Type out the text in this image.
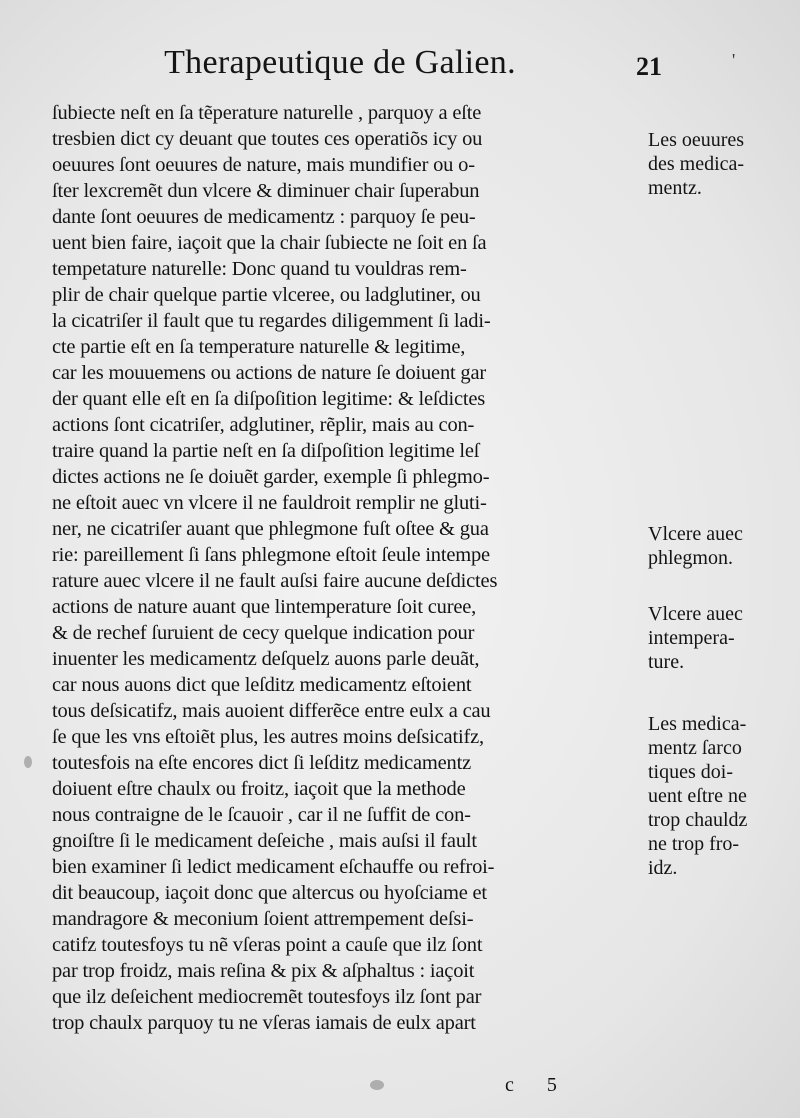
'
Therapeutique de Galien.	21
ſubiecte neſt en ſa tẽperature naturelle , parquoy a eſte
tresbien dict cy deuant que toutes ces operatiõs icy ou
oeuures ſont oeuures de nature, mais mundifier ou o-
ſter lexcremẽt dun vlcere & diminuer chair ſuperabun
dante ſont oeuures de medicamentz : parquoy ſe peu-
uent bien faire, iaçoit que la chair ſubiecte ne ſoit en ſa
tempetature naturelle: Donc quand tu vouldras rem-
plir de chair quelque partie vlceree, ou ladglutiner, ou
la cicatriſer il fault que tu regardes diligemment ſi ladi-
cte partie eſt en ſa temperature naturelle & legitime,
car les mouuemens ou actions de nature ſe doiuent gar
der quant elle eſt en ſa diſpoſition legitime: & leſdictes
actions ſont cicatriſer, adglutiner, rẽplir, mais au con-
traire quand la partie neſt en ſa diſpoſition legitime leſ
dictes actions ne ſe doiuẽt garder, exemple ſi phlegmo-
ne eſtoit auec vn vlcere il ne fauldroit remplir ne gluti-
ner, ne cicatriſer auant que phlegmone fuſt oſtee & gua
rie: pareillement ſi ſans phlegmone eſtoit ſeule intempe
rature auec vlcere il ne fault auſsi faire aucune deſdictes
actions de nature auant que lintemperature ſoit curee,
& de rechef ſuruient de cecy quelque indication pour
inuenter les medicamentz deſquelz auons parle deuãt,
car nous auons dict que leſditz medicamentz eſtoient
tous deſsicatifz, mais auoient differẽce entre eulx a cau
ſe que les vns eſtoiẽt plus, les autres moins deſsicatifz,
toutesfois na eſte encores dict ſi leſditz medicamentz
doiuent eſtre chaulx ou froitz, iaçoit que la methode
nous contraigne de le ſcauoir , car il ne ſuffit de con-
gnoiſtre ſi le medicament deſeiche , mais auſsi il fault
bien examiner ſi ledict medicament eſchauffe ou refroi-
dit beaucoup, iaçoit donc que altercus ou hyoſciame et
mandragore & meconium ſoient attrempement deſsi-
catifz toutesfoys tu nẽ vſeras point a cauſe que ilz ſont
par trop froidz, mais reſina & pix & aſphaltus : iaçoit
que ilz deſeichent mediocremẽt toutesfoys ilz ſont par
trop chaulx parquoy tu ne vſeras iamais de eulx apart
Les oeuures
des medica-
mentz.
Vlcere auec
phlegmon.
Vlcere auec
intempera-
ture.
Les medica-
mentz ſarco
tiques doi-
uent eſtre ne
trop chauldz
ne trop fro-
idz.
c 5
